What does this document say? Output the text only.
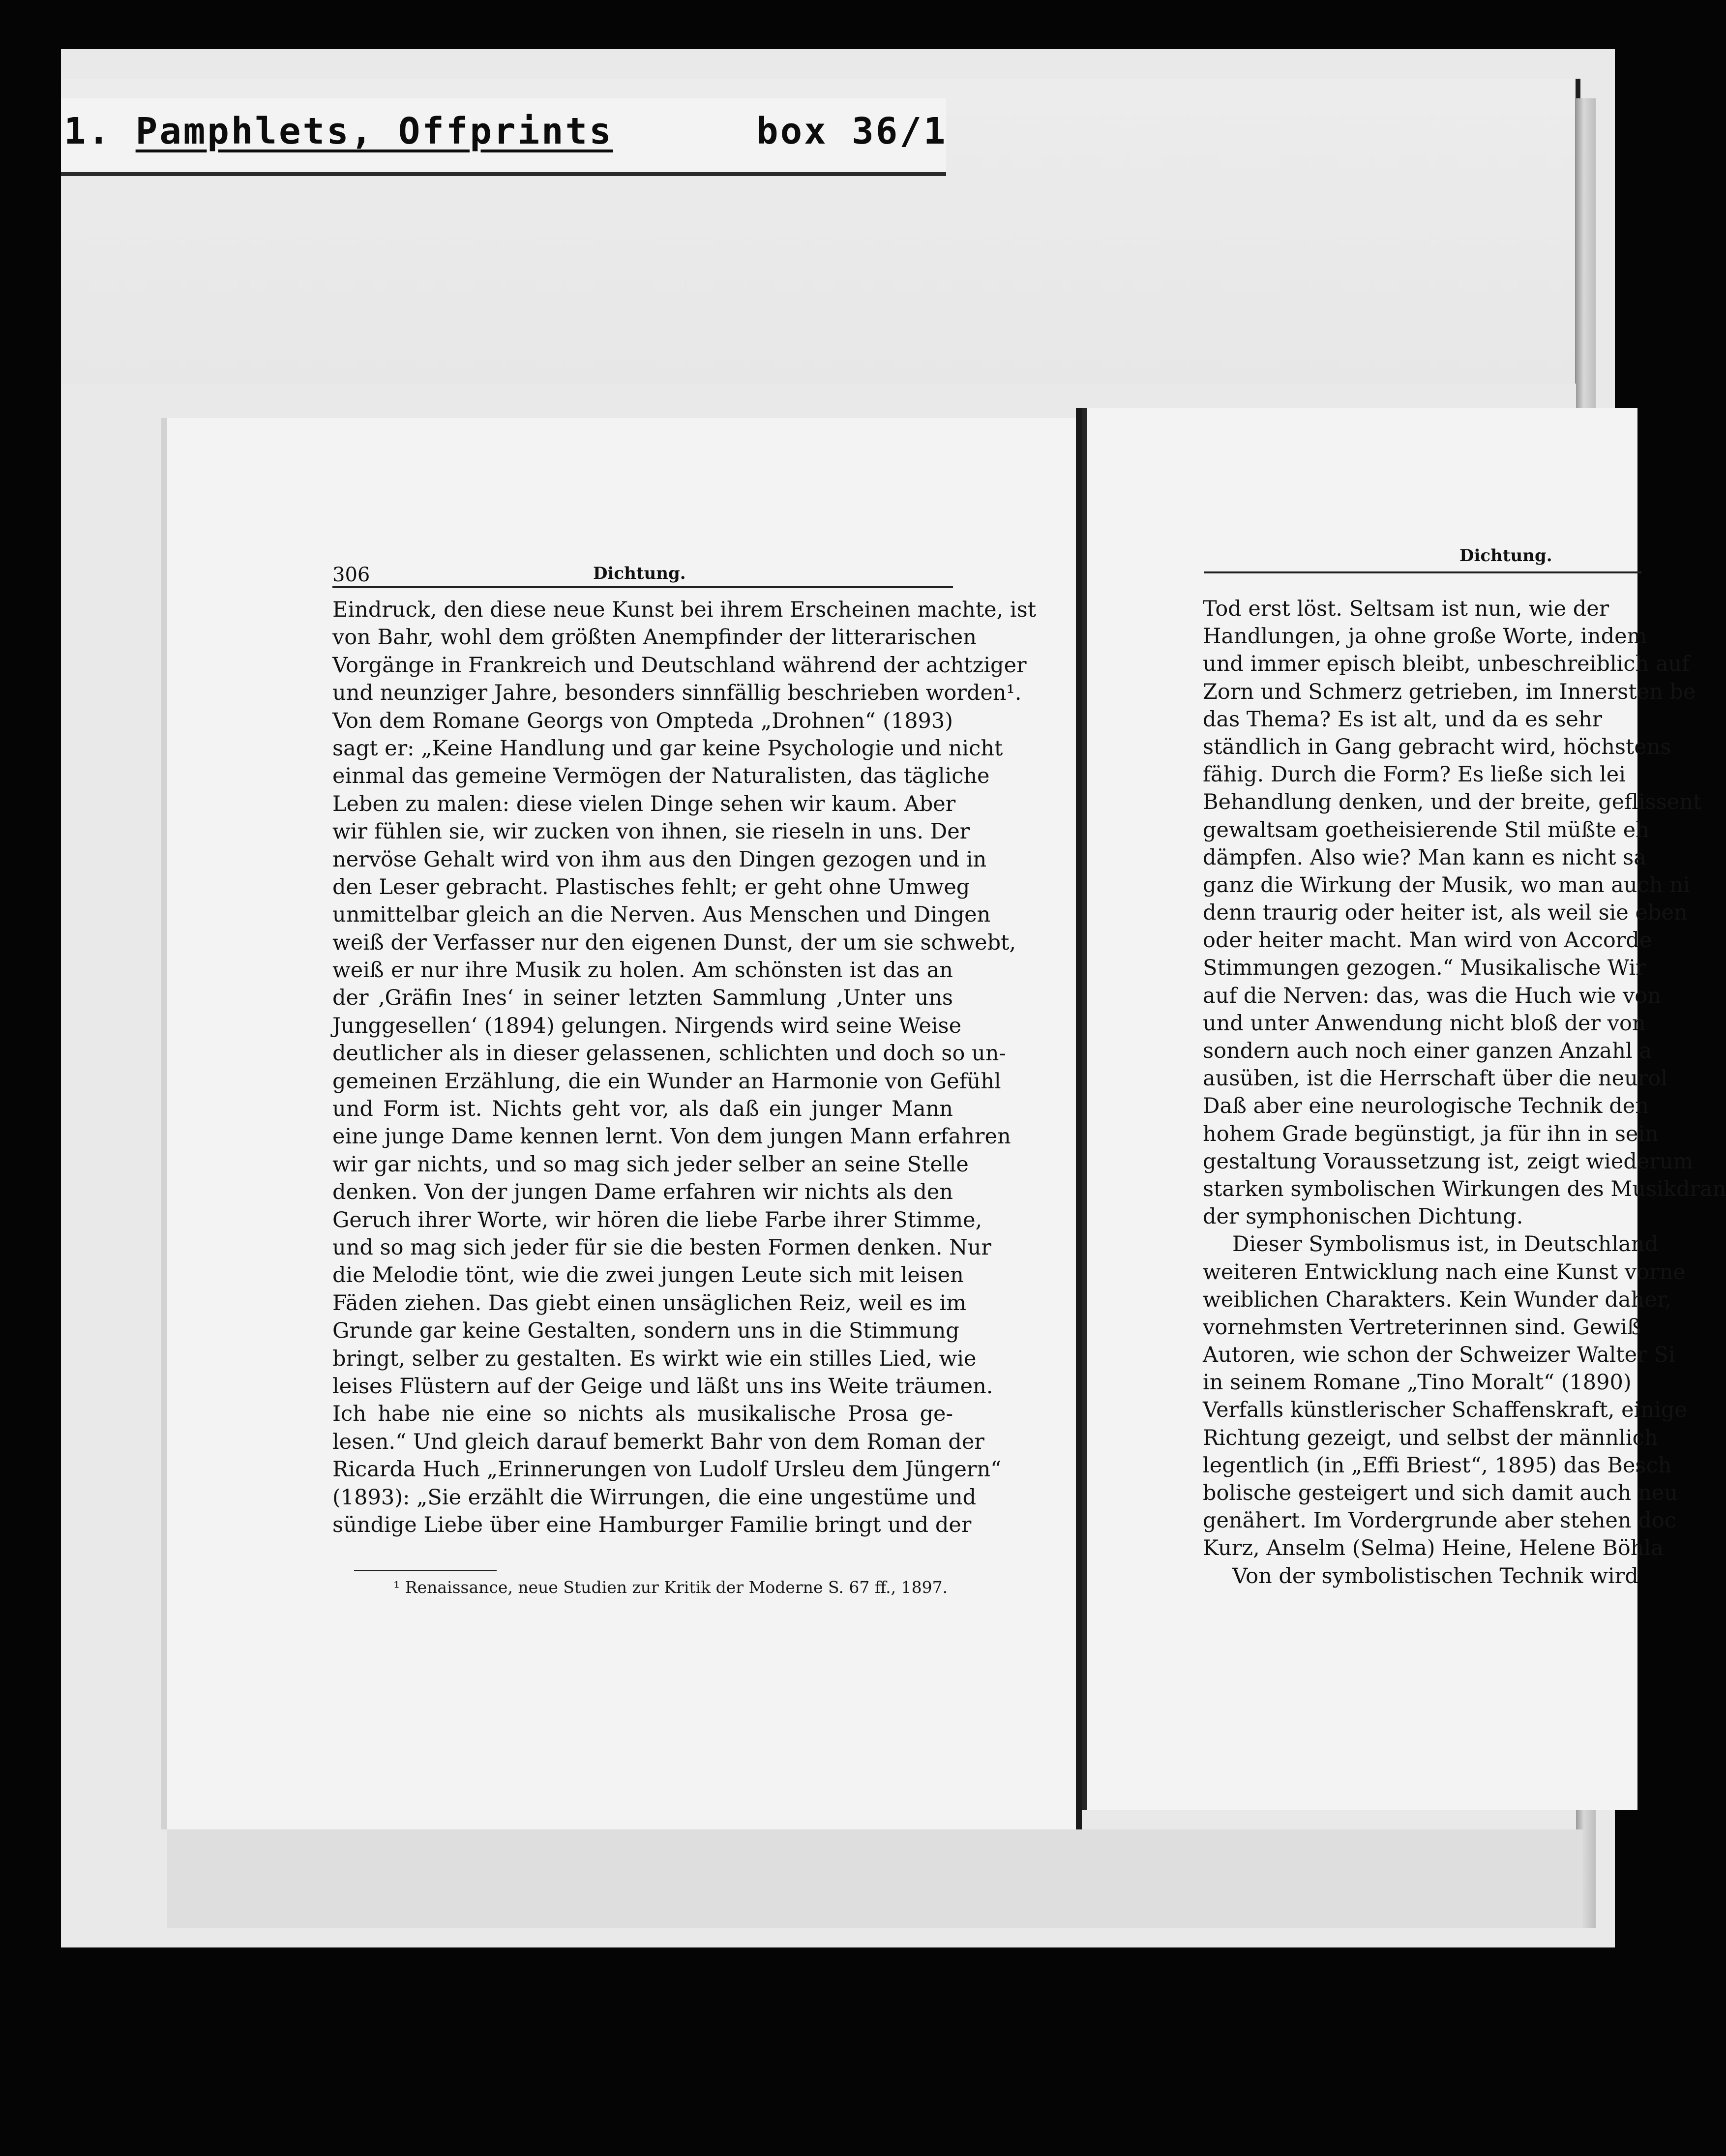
1. Pamphlets, Offprints	box 36/1
306	Dichtung.
Eindruck, den diese neue Kunst bei ihrem Erscheinen machte, ist
von Bahr, wohl dem größten Anempfinder der litterarischen
Vorgänge in Frankreich und Deutschland während der achtziger
und neunziger Jahre, besonders sinnfällig beschrieben worden¹.
Von dem Romane Georgs von Ompteda „Drohnen“ (1893)
sagt er: „Keine Handlung und gar keine Psychologie und nicht
einmal das gemeine Vermögen der Naturalisten, das tägliche
Leben zu malen: diese vielen Dinge sehen wir kaum. Aber
wir fühlen sie, wir zucken von ihnen, sie rieseln in uns. Der
nervöse Gehalt wird von ihm aus den Dingen gezogen und in
den Leser gebracht. Plastisches fehlt; er geht ohne Umweg
unmittelbar gleich an die Nerven. Aus Menschen und Dingen
weiß der Verfasser nur den eigenen Dunst, der um sie schwebt,
weiß er nur ihre Musik zu holen. Am schönsten ist das an
der ‚Gräfin Ines‘ in seiner letzten Sammlung ‚Unter uns
Junggesellen‘ (1894) gelungen. Nirgends wird seine Weise
deutlicher als in dieser gelassenen, schlichten und doch so un-
gemeinen Erzählung, die ein Wunder an Harmonie von Gefühl
und Form ist. Nichts geht vor, als daß ein junger Mann
eine junge Dame kennen lernt. Von dem jungen Mann erfahren
wir gar nichts, und so mag sich jeder selber an seine Stelle
denken. Von der jungen Dame erfahren wir nichts als den
Geruch ihrer Worte, wir hören die liebe Farbe ihrer Stimme,
und so mag sich jeder für sie die besten Formen denken. Nur
die Melodie tönt, wie die zwei jungen Leute sich mit leisen
Fäden ziehen. Das giebt einen unsäglichen Reiz, weil es im
Grunde gar keine Gestalten, sondern uns in die Stimmung
bringt, selber zu gestalten. Es wirkt wie ein stilles Lied, wie
leises Flüstern auf der Geige und läßt uns ins Weite träumen.
Ich habe nie eine so nichts als musikalische Prosa ge-
lesen.“ Und gleich darauf bemerkt Bahr von dem Roman der
Ricarda Huch „Erinnerungen von Ludolf Ursleu dem Jüngern“
(1893): „Sie erzählt die Wirrungen, die eine ungestüme und
sündige Liebe über eine Hamburger Familie bringt und der
¹ Renaissance, neue Studien zur Kritik der Moderne S. 67 ff., 1897.
Dichtung.
Tod erst löst. Seltsam ist nun, wie der
Handlungen, ja ohne große Worte, indem
und immer episch bleibt, unbeschreiblich auf
Zorn und Schmerz getrieben, im Innersten be
das Thema? Es ist alt, und da es sehr
ständlich in Gang gebracht wird, höchstens
fähig. Durch die Form? Es ließe sich lei
Behandlung denken, und der breite, geflissent
gewaltsam goetheisierende Stil müßte eh
dämpfen. Also wie? Man kann es nicht sa
ganz die Wirkung der Musik, wo man auch ni
denn traurig oder heiter ist, als weil sie eben
oder heiter macht. Man wird von Accorde
Stimmungen gezogen.“ Musikalische Wir
auf die Nerven: das, was die Huch wie von
und unter Anwendung nicht bloß der von
sondern auch noch einer ganzen Anzahl a
ausüben, ist die Herrschaft über die neurol
Daß aber eine neurologische Technik den
hohem Grade begünstigt, ja für ihn in sein
gestaltung Voraussetzung ist, zeigt wiederum
starken symbolischen Wirkungen des Musikdran
der symphonischen Dichtung.
Dieser Symbolismus ist, in Deutschland
weiteren Entwicklung nach eine Kunst vorne
weiblichen Charakters. Kein Wunder daher,
vornehmsten Vertreterinnen sind. Gewiß
Autoren, wie schon der Schweizer Walter Si
in seinem Romane „Tino Moralt“ (1890)
Verfalls künstlerischer Schaffenskraft, einige
Richtung gezeigt, und selbst der männlich
legentlich (in „Effi Briest“, 1895) das Besch
bolische gesteigert und sich damit auch neu
genähert. Im Vordergrunde aber stehen doc
Kurz, Anselm (Selma) Heine, Helene Böhla
Von der symbolistischen Technik wird
